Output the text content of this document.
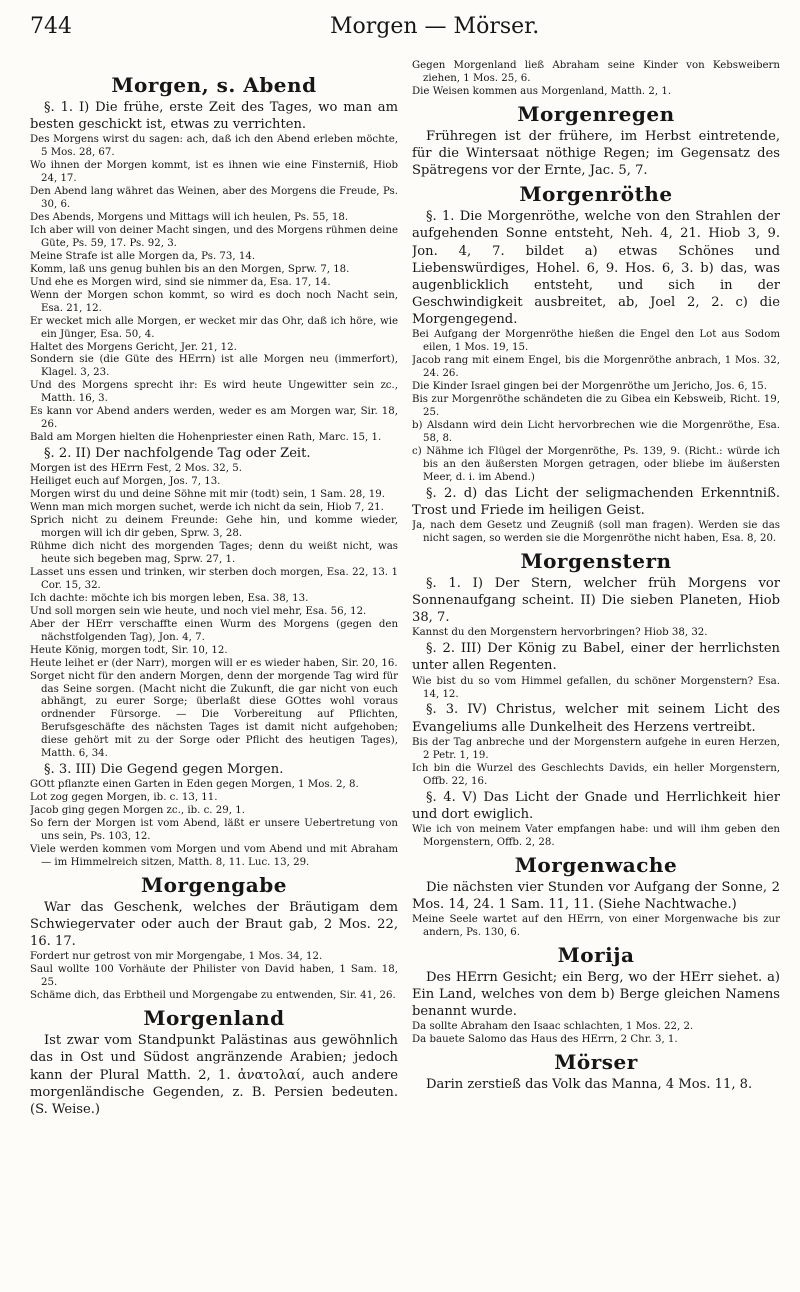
744	Morgen — Mörser.
Morgen, s. Abend
§. 1. I) Die frühe, erste Zeit des Tages, wo man am besten geschickt ist, etwas zu verrichten.
Des Morgens wirst du sagen: ach, daß ich den Abend erleben möchte, 5 Mos. 28, 67.
Wo ihnen der Morgen kommt, ist es ihnen wie eine Finsterniß, Hiob 24, 17.
Den Abend lang währet das Weinen, aber des Morgens die Freude, Ps. 30, 6.
Des Abends, Morgens und Mittags will ich heulen, Ps. 55, 18.
Ich aber will von deiner Macht singen, und des Morgens rühmen deine Güte, Ps. 59, 17. Ps. 92, 3.
Meine Strafe ist alle Morgen da, Ps. 73, 14.
Komm, laß uns genug buhlen bis an den Morgen, Sprw. 7, 18.
Und ehe es Morgen wird, sind sie nimmer da, Esa. 17, 14.
Wenn der Morgen schon kommt, so wird es doch noch Nacht sein, Esa. 21, 12.
Er wecket mich alle Morgen, er wecket mir das Ohr, daß ich höre, wie ein Jünger, Esa. 50, 4.
Haltet des Morgens Gericht, Jer. 21, 12.
Sondern sie (die Güte des HErrn) ist alle Morgen neu (immerfort), Klagel. 3, 23.
Und des Morgens sprecht ihr: Es wird heute Ungewitter sein zc., Matth. 16, 3.
Es kann vor Abend anders werden, weder es am Morgen war, Sir. 18, 26.
Bald am Morgen hielten die Hohenpriester einen Rath, Marc. 15, 1.
§. 2. II) Der nachfolgende Tag oder Zeit.
Morgen ist des HErrn Fest, 2 Mos. 32, 5.
Heiliget euch auf Morgen, Jos. 7, 13.
Morgen wirst du und deine Söhne mit mir (todt) sein, 1 Sam. 28, 19.
Wenn man mich morgen suchet, werde ich nicht da sein, Hiob 7, 21.
Sprich nicht zu deinem Freunde: Gehe hin, und komme wieder, morgen will ich dir geben, Sprw. 3, 28.
Rühme dich nicht des morgenden Tages; denn du weißt nicht, was heute sich begeben mag, Sprw. 27, 1.
Lasset uns essen und trinken, wir sterben doch morgen, Esa. 22, 13. 1 Cor. 15, 32.
Ich dachte: möchte ich bis morgen leben, Esa. 38, 13.
Und soll morgen sein wie heute, und noch viel mehr, Esa. 56, 12.
Aber der HErr verschaffte einen Wurm des Morgens (gegen den nächstfolgenden Tag), Jon. 4, 7.
Heute König, morgen todt, Sir. 10, 12.
Heute leihet er (der Narr), morgen will er es wieder haben, Sir. 20, 16.
Sorget nicht für den andern Morgen, denn der morgende Tag wird für das Seine sorgen. (Macht nicht die Zukunft, die gar nicht von euch abhängt, zu eurer Sorge; überlaßt diese GOttes wohl voraus ordnender Fürsorge. — Die Vorbereitung auf Pflichten, Berufsgeschäfte des nächsten Tages ist damit nicht aufgehoben; diese gehört mit zu der Sorge oder Pflicht des heutigen Tages), Matth. 6, 34.
§. 3. III) Die Gegend gegen Morgen.
GOtt pflanzte einen Garten in Eden gegen Morgen, 1 Mos. 2, 8.
Lot zog gegen Morgen, ib. c. 13, 11.
Jacob ging gegen Morgen zc., ib. c. 29, 1.
So fern der Morgen ist vom Abend, läßt er unsere Uebertretung von uns sein, Ps. 103, 12.
Viele werden kommen vom Morgen und vom Abend und mit Abraham — im Himmelreich sitzen, Matth. 8, 11. Luc. 13, 29.
Morgengabe
War das Geschenk, welches der Bräutigam dem Schwiegervater oder auch der Braut gab, 2 Mos. 22, 16. 17.
Fordert nur getrost von mir Morgengabe, 1 Mos. 34, 12.
Saul wollte 100 Vorhäute der Philister von David haben, 1 Sam. 18, 25.
Schäme dich, das Erbtheil und Morgengabe zu entwenden, Sir. 41, 26.
Morgenland
Ist zwar vom Standpunkt Palästinas aus gewöhnlich das in Ost und Südost angränzende Arabien; jedoch kann der Plural Matth. 2, 1. ἀνατολαί, auch andere morgenländische Gegenden, z. B. Persien bedeuten. (S. Weise.)
Gegen Morgenland ließ Abraham seine Kinder von Kebsweibern ziehen, 1 Mos. 25, 6.
Die Weisen kommen aus Morgenland, Matth. 2, 1.
Morgenregen
Frühregen ist der frühere, im Herbst eintretende, für die Wintersaat nöthige Regen; im Gegensatz des Spätregens vor der Ernte, Jac. 5, 7.
Morgenröthe
§. 1. Die Morgenröthe, welche von den Strahlen der aufgehenden Sonne entsteht, Neh. 4, 21. Hiob 3, 9. Jon. 4, 7. bildet a) etwas Schönes und Liebenswürdiges, Hohel. 6, 9. Hos. 6, 3. b) das, was augenblicklich entsteht, und sich in der Geschwindigkeit ausbreitet, ab, Joel 2, 2. c) die Morgengegend.
Bei Aufgang der Morgenröthe hießen die Engel den Lot aus Sodom eilen, 1 Mos. 19, 15.
Jacob rang mit einem Engel, bis die Morgenröthe anbrach, 1 Mos. 32, 24. 26.
Die Kinder Israel gingen bei der Morgenröthe um Jericho, Jos. 6, 15.
Bis zur Morgenröthe schändeten die zu Gibea ein Kebsweib, Richt. 19, 25.
b) Alsdann wird dein Licht hervorbrechen wie die Morgenröthe, Esa. 58, 8.
c) Nähme ich Flügel der Morgenröthe, Ps. 139, 9. (Richt.: würde ich bis an den äußersten Morgen getragen, oder bliebe im äußersten Meer, d. i. im Abend.)
§. 2. d) das Licht der seligmachenden Erkenntniß. Trost und Friede im heiligen Geist.
Ja, nach dem Gesetz und Zeugniß (soll man fragen). Werden sie das nicht sagen, so werden sie die Morgenröthe nicht haben, Esa. 8, 20.
Morgenstern
§. 1. I) Der Stern, welcher früh Morgens vor Sonnenaufgang scheint. II) Die sieben Planeten, Hiob 38, 7.
Kannst du den Morgenstern hervorbringen? Hiob 38, 32.
§. 2. III) Der König zu Babel, einer der herrlichsten unter allen Regenten.
Wie bist du so vom Himmel gefallen, du schöner Morgenstern? Esa. 14, 12.
§. 3. IV) Christus, welcher mit seinem Licht des Evangeliums alle Dunkelheit des Herzens vertreibt.
Bis der Tag anbreche und der Morgenstern aufgehe in euren Herzen, 2 Petr. 1, 19.
Ich bin die Wurzel des Geschlechts Davids, ein heller Morgenstern, Offb. 22, 16.
§. 4. V) Das Licht der Gnade und Herrlichkeit hier und dort ewiglich.
Wie ich von meinem Vater empfangen habe: und will ihm geben den Morgenstern, Offb. 2, 28.
Morgenwache
Die nächsten vier Stunden vor Aufgang der Sonne, 2 Mos. 14, 24. 1 Sam. 11, 11. (Siehe Nachtwache.)
Meine Seele wartet auf den HErrn, von einer Morgenwache bis zur andern, Ps. 130, 6.
Morija
Des HErrn Gesicht; ein Berg, wo der HErr siehet. a) Ein Land, welches von dem b) Berge gleichen Namens benannt wurde.
Da sollte Abraham den Isaac schlachten, 1 Mos. 22, 2.
Da bauete Salomo das Haus des HErrn, 2 Chr. 3, 1.
Mörser
Darin zerstieß das Volk das Manna, 4 Mos. 11, 8.
